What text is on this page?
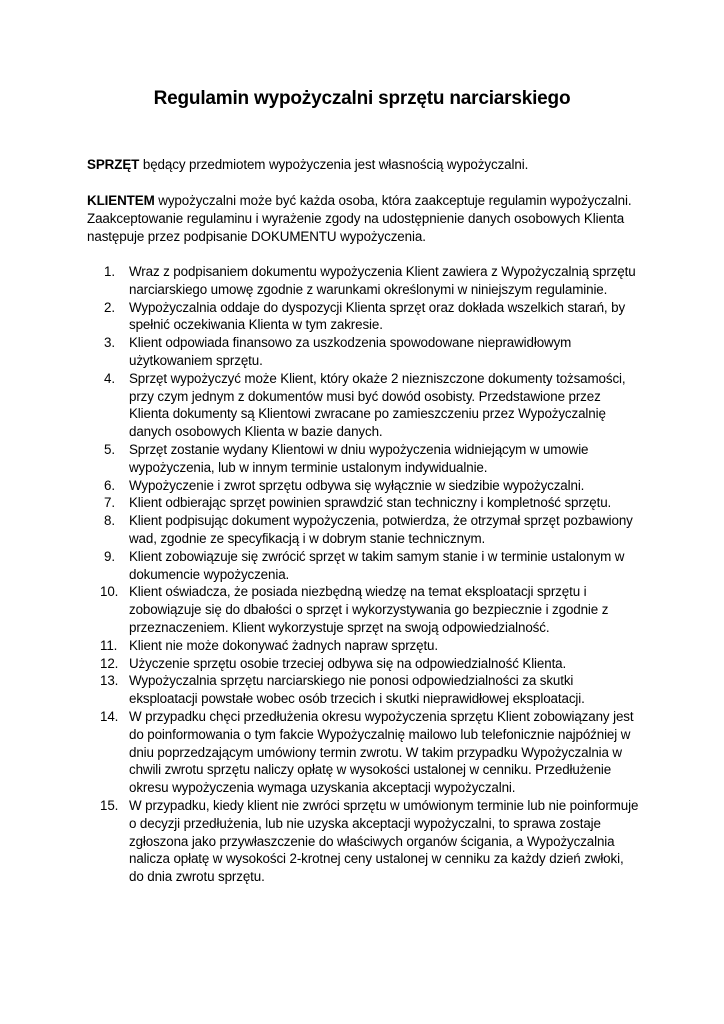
Regulamin wypożyczalni sprzętu narciarskiego
SPRZĘT będący przedmiotem wypożyczenia jest własnością wypożyczalni.
KLIENTEM wypożyczalni może być każda osoba, która zaakceptuje regulamin wypożyczalni. Zaakceptowanie regulaminu i wyrażenie zgody na udostępnienie danych osobowych Klienta następuje przez podpisanie DOKUMENTU wypożyczenia.
1.	Wraz z podpisaniem dokumentu wypożyczenia Klient zawiera z Wypożyczalnią sprzętu narciarskiego umowę zgodnie z warunkami określonymi w niniejszym regulaminie.
2.	Wypożyczalnia oddaje do dyspozycji Klienta sprzęt oraz dokłada wszelkich starań, by spełnić oczekiwania Klienta w tym zakresie.
3.	Klient odpowiada finansowo za uszkodzenia spowodowane nieprawidłowym użytkowaniem sprzętu.
4.	Sprzęt wypożyczyć może Klient, który okaże 2 niezniszczone dokumenty tożsamości, przy czym jednym z dokumentów musi być dowód osobisty. Przedstawione przez Klienta dokumenty są Klientowi zwracane po zamieszczeniu przez Wypożyczalnię danych osobowych Klienta w bazie danych.
5.	Sprzęt zostanie wydany Klientowi w dniu wypożyczenia widniejącym w umowie wypożyczenia, lub w innym terminie ustalonym indywidualnie.
6.	Wypożyczenie i zwrot sprzętu odbywa się wyłącznie w siedzibie wypożyczalni.
7.	Klient odbierając sprzęt powinien sprawdzić stan techniczny i kompletność sprzętu.
8.	Klient podpisując dokument wypożyczenia, potwierdza, że otrzymał sprzęt pozbawiony wad, zgodnie ze specyfikacją i w dobrym stanie technicznym.
9.	Klient zobowiązuje się zwrócić sprzęt w takim samym stanie i w terminie ustalonym w dokumencie wypożyczenia.
10. Klient oświadcza, że posiada niezbędną wiedzę na temat eksploatacji sprzętu i zobowiązuje się do dbałości o sprzęt i wykorzystywania go bezpiecznie i zgodnie z przeznaczeniem. Klient wykorzystuje sprzęt na swoją odpowiedzialność.
11. Klient nie może dokonywać żadnych napraw sprzętu.
12. Użyczenie sprzętu osobie trzeciej odbywa się na odpowiedzialność Klienta.
13. Wypożyczalnia sprzętu narciarskiego nie ponosi odpowiedzialności za skutki eksploatacji powstałe wobec osób trzecich i skutki nieprawidłowej eksploatacji.
14. W przypadku chęci przedłużenia okresu wypożyczenia sprzętu Klient zobowiązany jest do poinformowania o tym fakcie Wypożyczalnię mailowo lub telefonicznie najpóźniej w dniu poprzedzającym umówiony termin zwrotu. W takim przypadku Wypożyczalnia w chwili zwrotu sprzętu naliczy opłatę w wysokości ustalonej w cenniku. Przedłużenie okresu wypożyczenia wymaga uzyskania akceptacji wypożyczalni.
15. W przypadku, kiedy klient nie zwróci sprzętu w umówionym terminie lub nie poinformuje o decyzji przedłużenia, lub nie uzyska akceptacji wypożyczalni, to sprawa zostaje zgłoszona jako przywłaszczenie do właściwych organów ścigania, a Wypożyczalnia nalicza opłatę w wysokości 2-krotnej ceny ustalonej w cenniku za każdy dzień zwłoki, do dnia zwrotu sprzętu.
